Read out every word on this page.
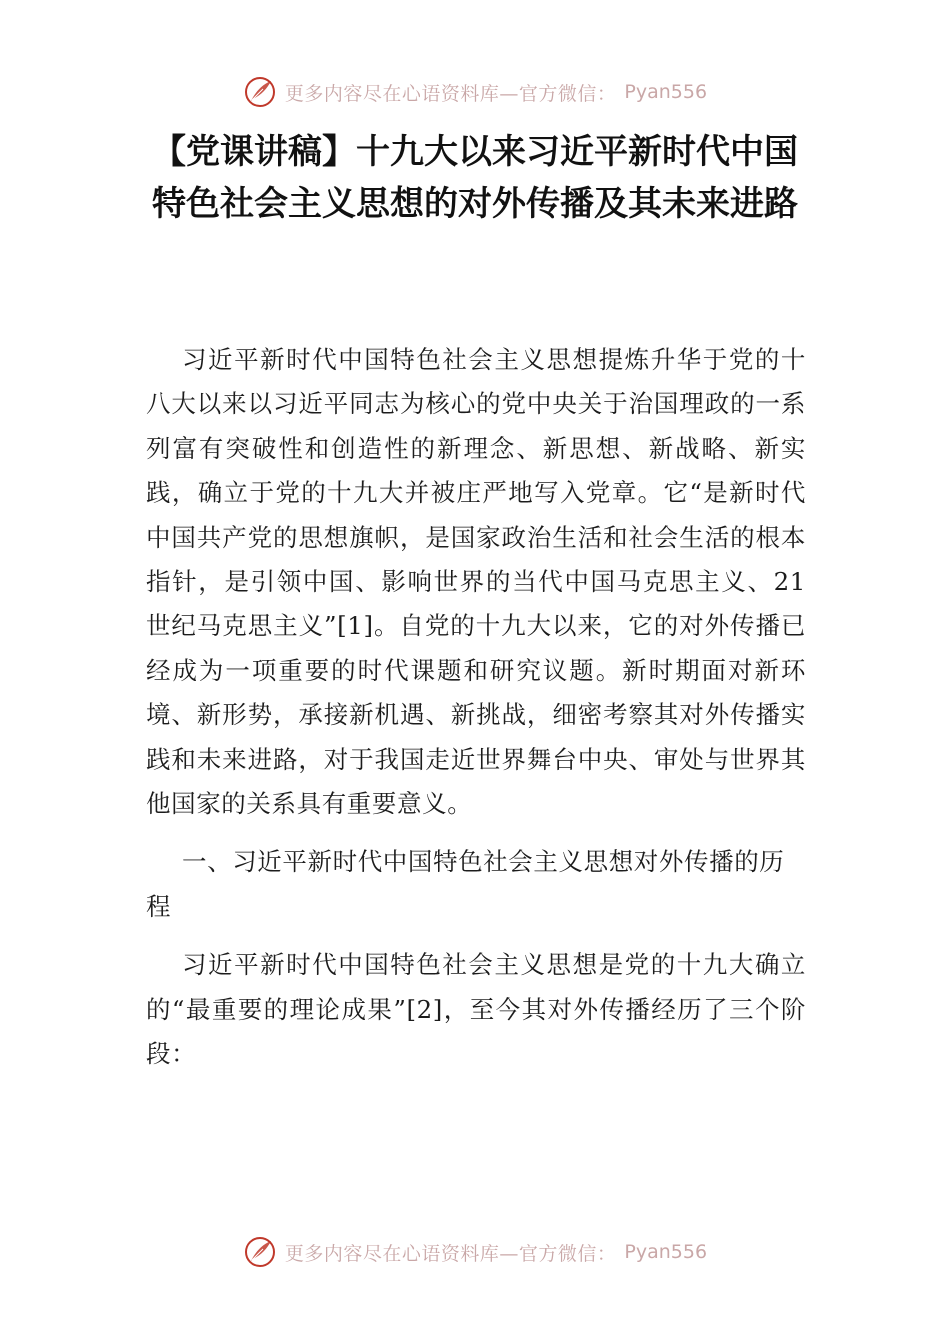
更多内容尽在心语资料库—官方微信： Pyan556
【党课讲稿】十九大以来习近平新时代中国特色社会主义思想的对外传播及其未来进路

习近平新时代中国特色社会主义思想提炼升华于党的十八大以来以习近平同志为核心的党中央关于治国理政的一系列富有突破性和创造性的新理念、新思想、新战略、新实践，确立于党的十九大并被庄严地写入党章。它“是新时代中国共产党的思想旗帜，是国家政治生活和社会生活的根本指针，是引领中国、影响世界的当代中国马克思主义、21 世纪马克思主义”[1]。自党的十九大以来，它的对外传播已经成为一项重要的时代课题和研究议题。新时期面对新环境、新形势，承接新机遇、新挑战，细密考察其对外传播实践和未来进路，对于我国走近世界舞台中央、审处与世界其他国家的关系具有重要意义。

一、习近平新时代中国特色社会主义思想对外传播的历程

习近平新时代中国特色社会主义思想是党的十九大确立的“最重要的理论成果”[2]，至今其对外传播经历了三个阶段：

更多内容尽在心语资料库—官方微信： Pyan556
